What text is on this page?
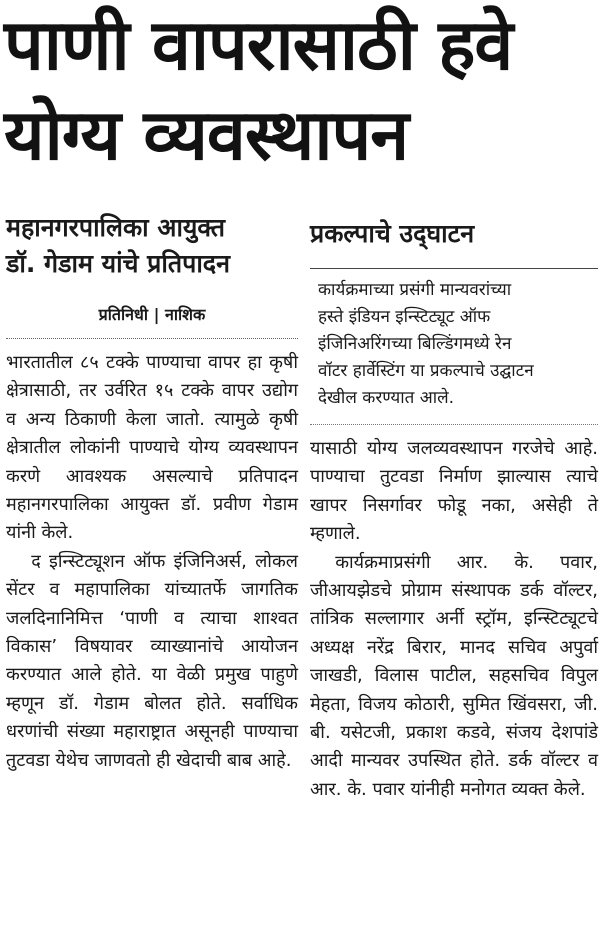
पाणी वापरासाठी हवे
योग्य व्यवस्थापन
महानगरपालिका आयुक्त
डॉ. गेडाम यांचे प्रतिपादन
प्रतिनिधी | नाशिक

भारतातील ८५ टक्के पाण्याचा वापर हा कृषी क्षेत्रासाठी, तर उर्वरित १५ टक्के वापर उद्योग व अन्य ठिकाणी केला जातो. त्यामुळे कृषी क्षेत्रातील लोकांनी पाण्याचे योग्य व्यवस्थापन करणे आवश्यक असल्याचे प्रतिपादन महानगरपालिका आयुक्त डॉ. प्रवीण गेडाम यांनी केले.

द इन्स्टिट्यूशन ऑफ इंजिनिअर्स, लोकल सेंटर व महापालिका यांच्यातर्फे जागतिक जलदिनानिमित्त ‘पाणी व त्याचा शाश्वत विकास’ विषयावर व्याख्यानांचे आयोजन करण्यात आले होते. या वेळी प्रमुख पाहुणे म्हणून डॉ. गेडाम बोलत होते. सर्वाधिक धरणांची संख्या महाराष्ट्रात असूनही पाण्याचा तुटवडा येथेच जाणवतो ही खेदाची बाब आहे.

प्रकल्पाचे उद्‌घाटन
कार्यक्रमाच्या प्रसंगी मान्यवरांच्या
हस्ते इंडियन इन्स्टिट्यूट ऑफ
इंजिनिअरिंगच्या बिल्डिंगमध्ये रेन
वॉटर हार्वेस्टिंग या प्रकल्पाचे उद्घाटन
देखील करण्यात आले.

यासाठी योग्य जलव्यवस्थापन गरजेचे आहे. पाण्याचा तुटवडा निर्माण झाल्यास त्याचे खापर निसर्गावर फोडू नका, असेही ते म्हणाले.

कार्यक्रमाप्रसंगी आर. के. पवार, जीआयझेडचे प्रोग्राम संस्थापक डर्क वॉल्टर, तांत्रिक सल्लागार अर्नी स्ट्रॉम, इन्स्टिट्यूटचे अध्यक्ष नरेंद्र बिरार, मानद सचिव अपुर्वा जाखडी, विलास पाटील, सहसचिव विपुल मेहता, विजय कोठारी, सुमित खिंवसरा, जी. बी. यसेटजी, प्रकाश कडवे, संजय देशपांडे आदी मान्यवर उपस्थित होते. डर्क वॉल्टर व आर. के. पवार यांनीही मनोगत व्यक्त केले.
